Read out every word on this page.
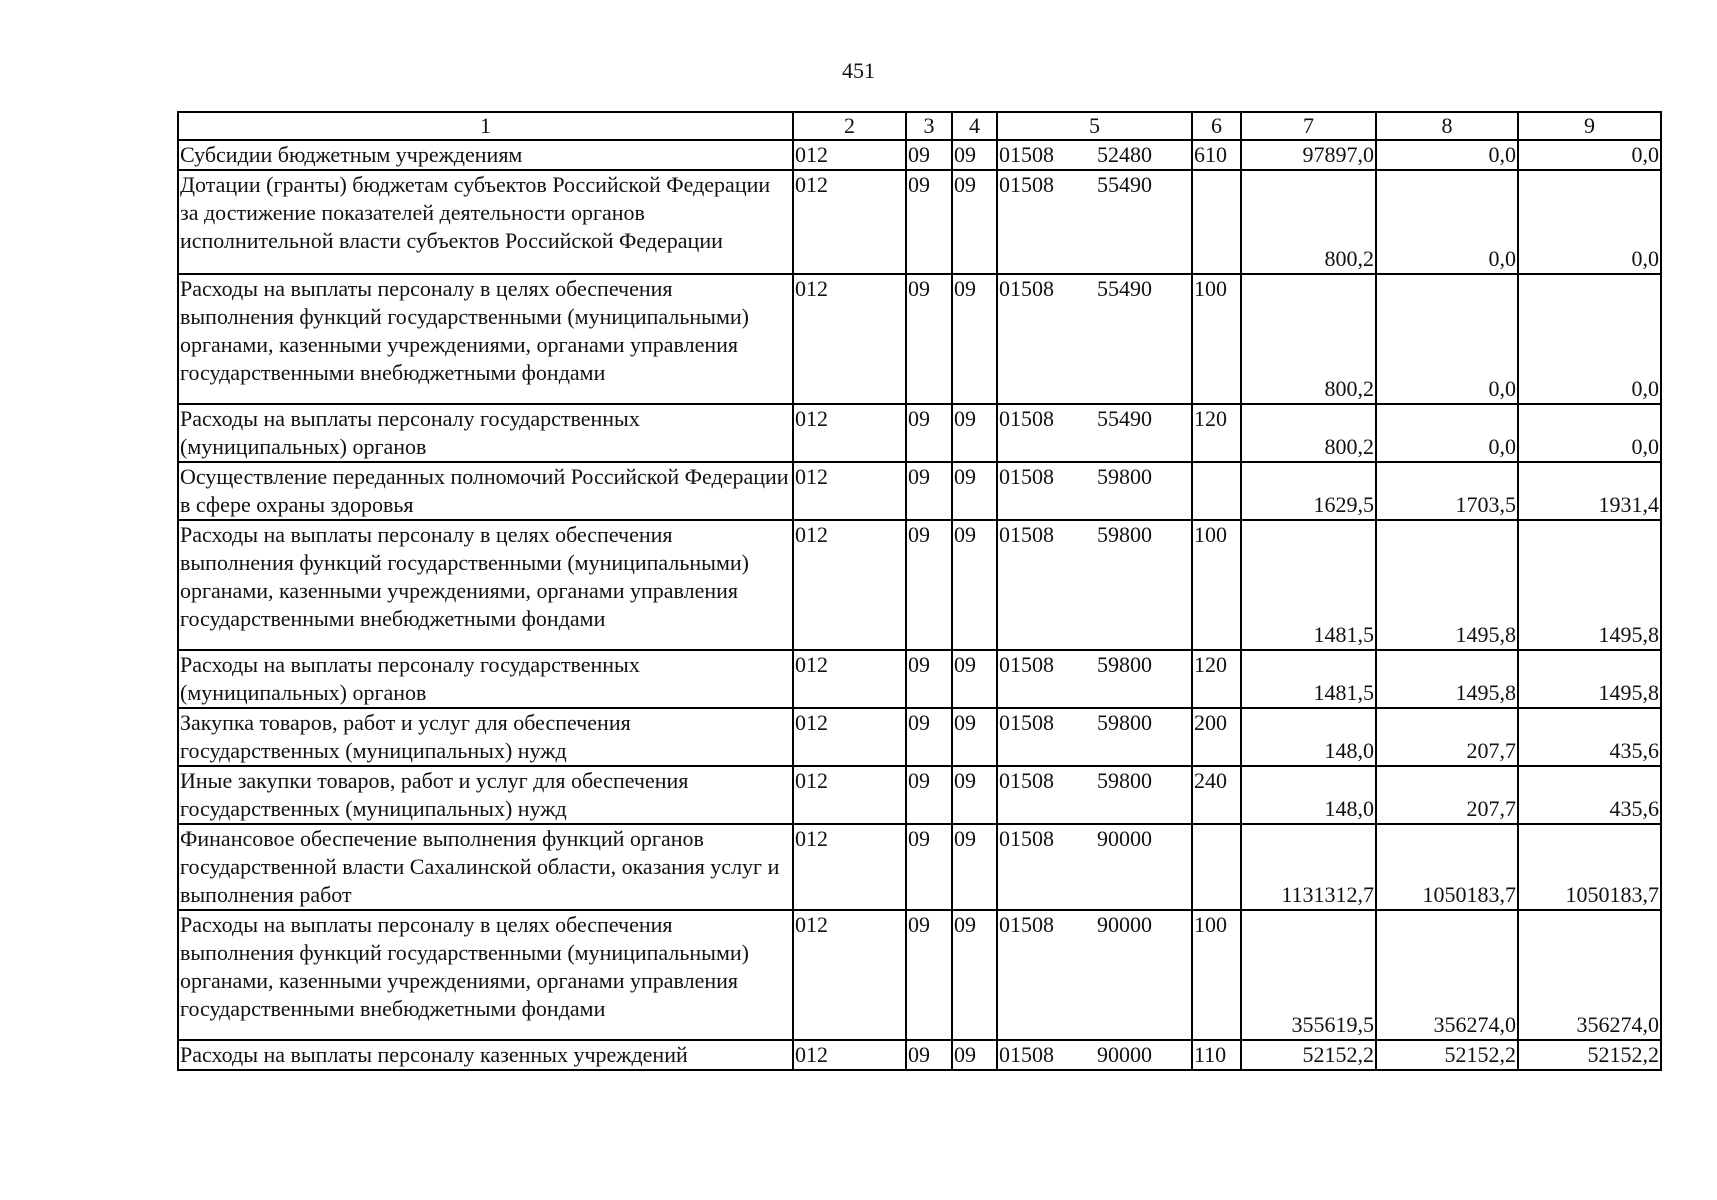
451
1	2	3	4	5	6	7	8	9
Субсидии бюджетным учреждениям	012	09	09	01508 52480	610	97897,0	0,0	0,0
Дотации (гранты) бюджетам субъектов Российской Федерации за достижение показателей деятельности органов исполнительной власти субъектов Российской Федерации	012	09	09	01508 55490		800,2	0,0	0,0
Расходы на выплаты персоналу в целях обеспечения выполнения функций государственными (муниципальными) органами, казенными учреждениями, органами управления государственными внебюджетными фондами	012	09	09	01508 55490	100	800,2	0,0	0,0
Расходы на выплаты персоналу государственных (муниципальных) органов	012	09	09	01508 55490	120	800,2	0,0	0,0
Осуществление переданных полномочий Российской Федерации в сфере охраны здоровья	012	09	09	01508 59800		1629,5	1703,5	1931,4
Расходы на выплаты персоналу в целях обеспечения выполнения функций государственными (муниципальными) органами, казенными учреждениями, органами управления государственными внебюджетными фондами	012	09	09	01508 59800	100	1481,5	1495,8	1495,8
Расходы на выплаты персоналу государственных (муниципальных) органов	012	09	09	01508 59800	120	1481,5	1495,8	1495,8
Закупка товаров, работ и услуг для обеспечения государственных (муниципальных) нужд	012	09	09	01508 59800	200	148,0	207,7	435,6
Иные закупки товаров, работ и услуг для обеспечения государственных (муниципальных) нужд	012	09	09	01508 59800	240	148,0	207,7	435,6
Финансовое обеспечение выполнения функций органов государственной власти Сахалинской области, оказания услуг и выполнения работ	012	09	09	01508 90000		1131312,7	1050183,7	1050183,7
Расходы на выплаты персоналу в целях обеспечения выполнения функций государственными (муниципальными) органами, казенными учреждениями, органами управления государственными внебюджетными фондами	012	09	09	01508 90000	100	355619,5	356274,0	356274,0
Расходы на выплаты персоналу казенных учреждений	012	09	09	01508 90000	110	52152,2	52152,2	52152,2
